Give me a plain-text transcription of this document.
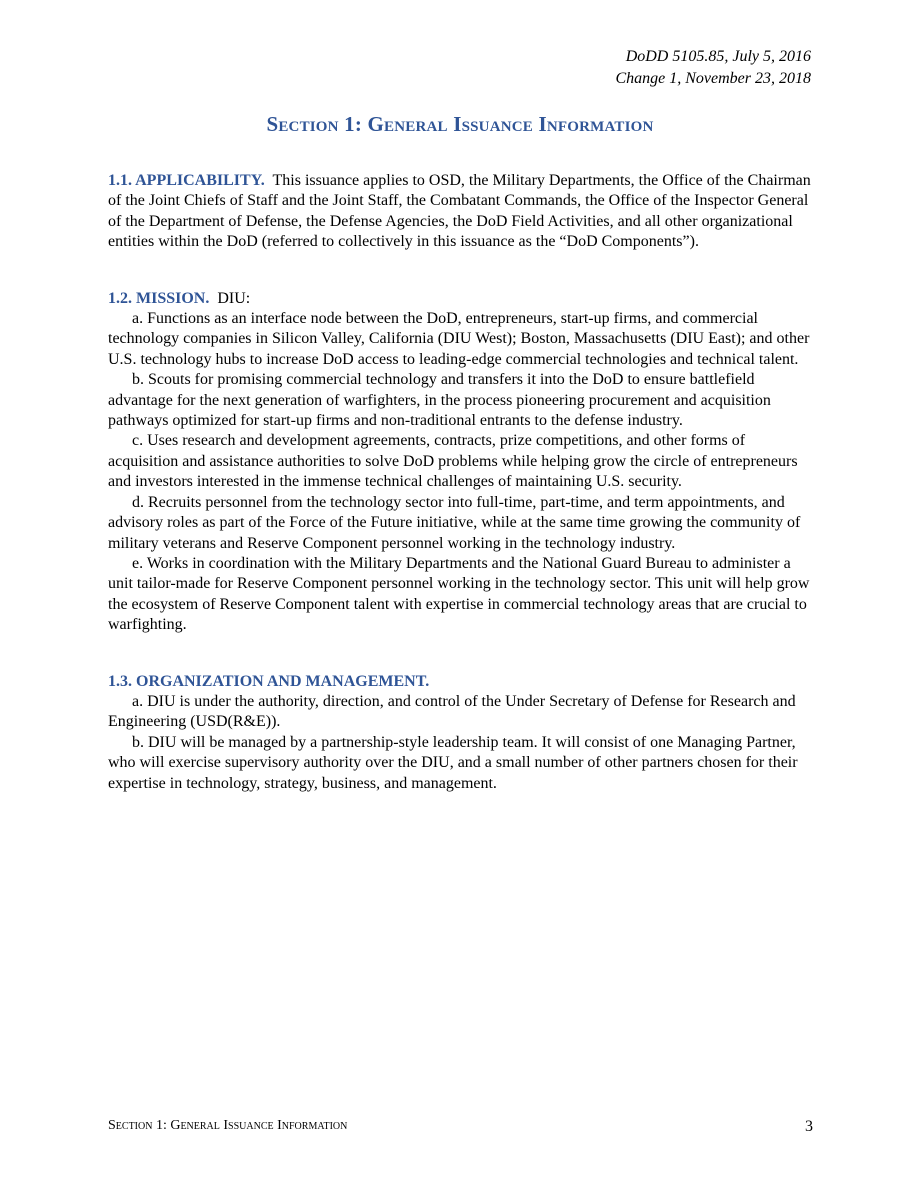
DoDD 5105.85, July 5, 2016
Change 1, November 23, 2018
Section 1: General Issuance Information

1.1. APPLICABILITY. This issuance applies to OSD, the Military Departments, the Office of the Chairman of the Joint Chiefs of Staff and the Joint Staff, the Combatant Commands, the Office of the Inspector General of the Department of Defense, the Defense Agencies, the DoD Field Activities, and all other organizational entities within the DoD (referred to collectively in this issuance as the “DoD Components”).

1.2. MISSION. DIU:

a. Functions as an interface node between the DoD, entrepreneurs, start-up firms, and commercial technology companies in Silicon Valley, California (DIU West); Boston, Massachusetts (DIU East); and other U.S. technology hubs to increase DoD access to leading-edge commercial technologies and technical talent.

b. Scouts for promising commercial technology and transfers it into the DoD to ensure battlefield advantage for the next generation of warfighters, in the process pioneering procurement and acquisition pathways optimized for start-up firms and non-traditional entrants to the defense industry.

c. Uses research and development agreements, contracts, prize competitions, and other forms of acquisition and assistance authorities to solve DoD problems while helping grow the circle of entrepreneurs and investors interested in the immense technical challenges of maintaining U.S. security.

d. Recruits personnel from the technology sector into full-time, part-time, and term appointments, and advisory roles as part of the Force of the Future initiative, while at the same time growing the community of military veterans and Reserve Component personnel working in the technology industry.

e. Works in coordination with the Military Departments and the National Guard Bureau to administer a unit tailor-made for Reserve Component personnel working in the technology sector. This unit will help grow the ecosystem of Reserve Component talent with expertise in commercial technology areas that are crucial to warfighting.

1.3. ORGANIZATION AND MANAGEMENT.

a. DIU is under the authority, direction, and control of the Under Secretary of Defense for Research and Engineering (USD(R&E)).

b. DIU will be managed by a partnership-style leadership team. It will consist of one Managing Partner, who will exercise supervisory authority over the DIU, and a small number of other partners chosen for their expertise in technology, strategy, business, and management.

Section 1: General Issuance Information	3
